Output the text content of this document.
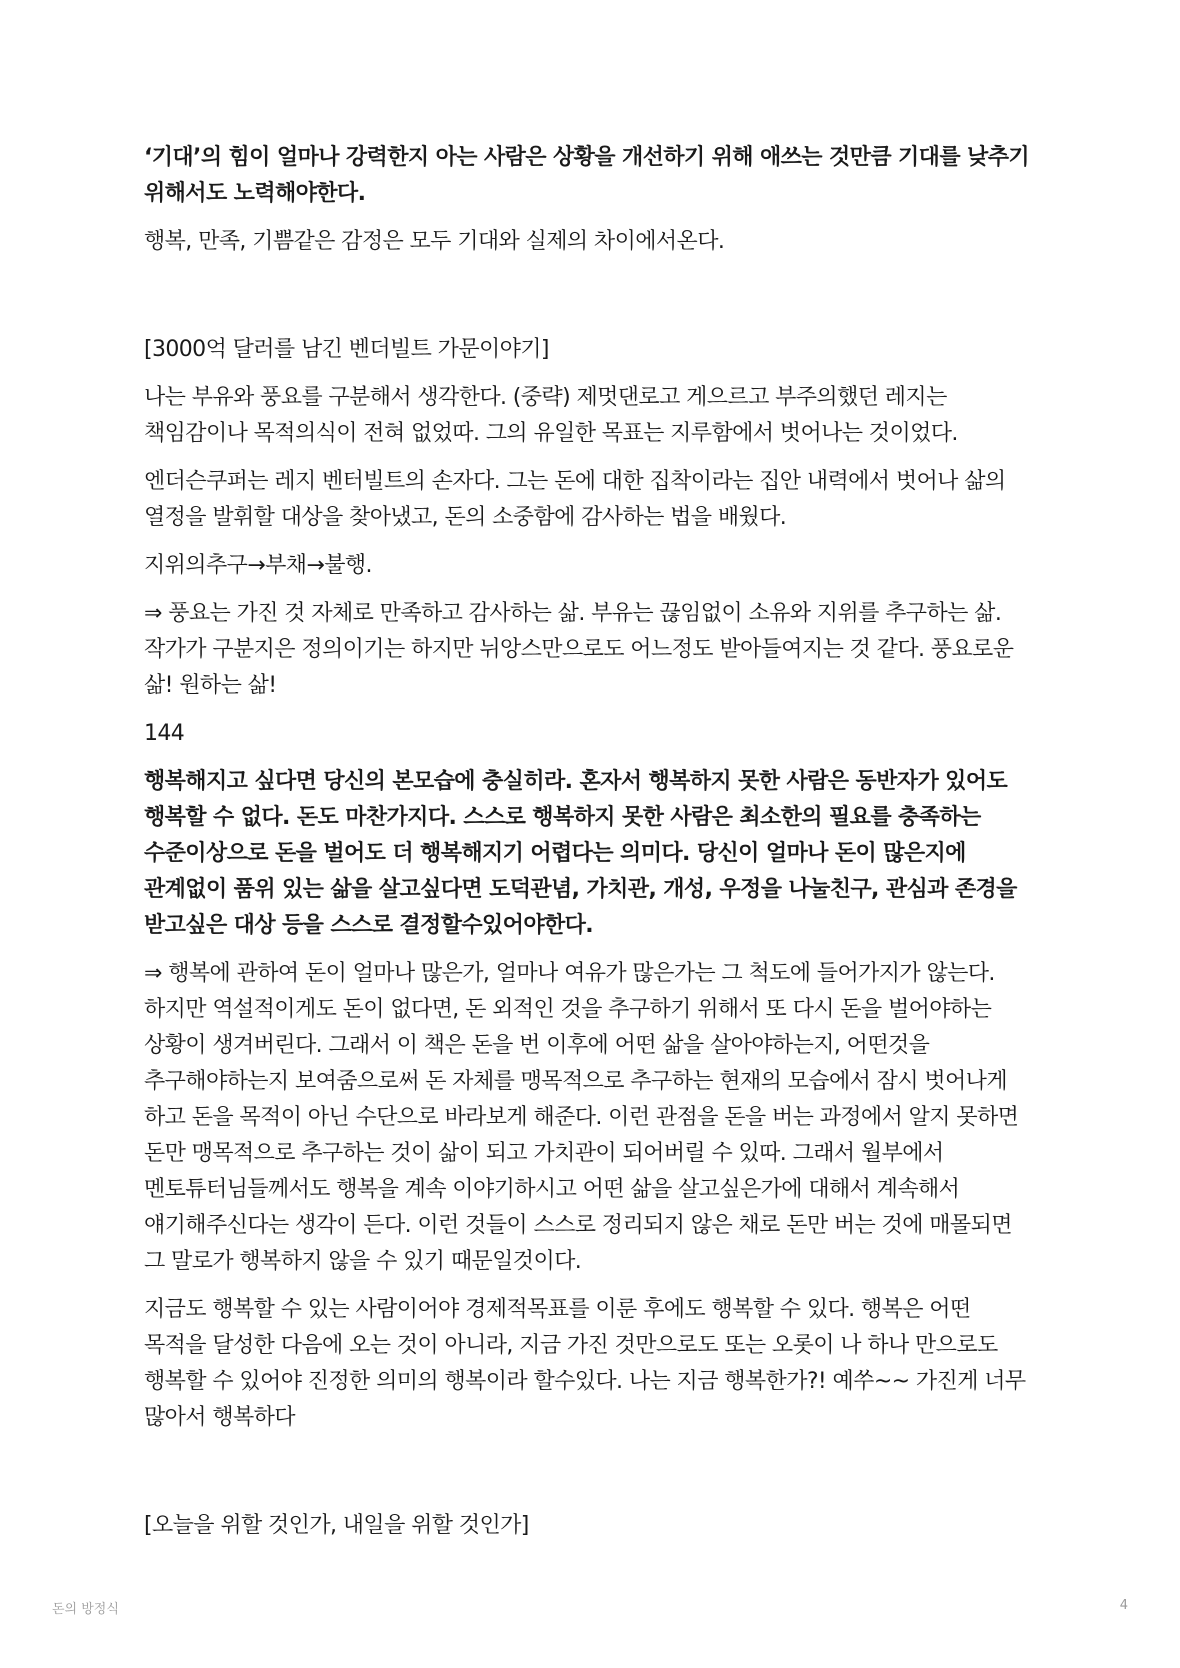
‘기대’의 힘이 얼마나 강력한지 아는 사람은 상황을 개선하기 위해 애쓰는 것만큼 기대를 낮추기 위해서도 노력해야한다.

행복, 만족, 기쁨같은 감정은 모두 기대와 실제의 차이에서온다.

[3000억 달러를 남긴 벤더빌트 가문이야기]

나는 부유와 풍요를 구분해서 생각한다. (중략) 제멋댄로고 게으르고 부주의했던 레지는 책임감이나 목적의식이 전혀 없었따. 그의 유일한 목표는 지루함에서 벗어나는 것이었다.

엔더슨쿠퍼는 레지 벤터빌트의 손자다. 그는 돈에 대한 집착이라는 집안 내력에서 벗어나 삶의 열정을 발휘할 대상을 찾아냈고, 돈의 소중함에 감사하는 법을 배웠다.

지위의추구→부채→불행.

⇒ 풍요는 가진 것 자체로 만족하고 감사하는 삶. 부유는 끊임없이 소유와 지위를 추구하는 삶. 작가가 구분지은 정의이기는 하지만 뉘앙스만으로도 어느정도 받아들여지는 것 같다. 풍요로운 삶! 원하는 삶!

144

행복해지고 싶다면 당신의 본모습에 충실히라. 혼자서 행복하지 못한 사람은 동반자가 있어도 행복할 수 없다. 돈도 마찬가지다. 스스로 행복하지 못한 사람은 최소한의 필요를 충족하는 수준이상으로 돈을 벌어도 더 행복해지기 어렵다는 의미다. 당신이 얼마나 돈이 많은지에 관계없이 품위 있는 삶을 살고싶다면 도덕관념, 가치관, 개성, 우정을 나눌친구, 관심과 존경을 받고싶은 대상 등을 스스로 결정할수있어야한다.

⇒ 행복에 관하여 돈이 얼마나 많은가, 얼마나 여유가 많은가는 그 척도에 들어가지가 않는다. 하지만 역설적이게도 돈이 없다면, 돈 외적인 것을 추구하기 위해서 또 다시 돈을 벌어야하는 상황이 생겨버린다. 그래서 이 책은 돈을 번 이후에 어떤 삶을 살아야하는지, 어떤것을 추구해야하는지 보여줌으로써 돈 자체를 맹목적으로 추구하는 현재의 모습에서 잠시 벗어나게 하고 돈을 목적이 아닌 수단으로 바라보게 해준다. 이런 관점을 돈을 버는 과정에서 알지 못하면 돈만 맹목적으로 추구하는 것이 삶이 되고 가치관이 되어버릴 수 있따. 그래서 월부에서 멘토튜터님들께서도 행복을 계속 이야기하시고 어떤 삶을 살고싶은가에 대해서 계속해서 얘기해주신다는 생각이 든다. 이런 것들이 스스로 정리되지 않은 채로 돈만 버는 것에 매몰되면 그 말로가 행복하지 않을 수 있기 때문일것이다.

지금도 행복할 수 있는 사람이어야 경제적목표를 이룬 후에도 행복할 수 있다. 행복은 어떤 목적을 달성한 다음에 오는 것이 아니라, 지금 가진 것만으로도 또는 오롯이 나 하나 만으로도 행복할 수 있어야 진정한 의미의 행복이라 할수있다. 나는 지금 행복한가?! 예쑤~~ 가진게 너무 많아서 행복하다

[오늘을 위할 것인가, 내일을 위할 것인가]

돈의 방정식	4
